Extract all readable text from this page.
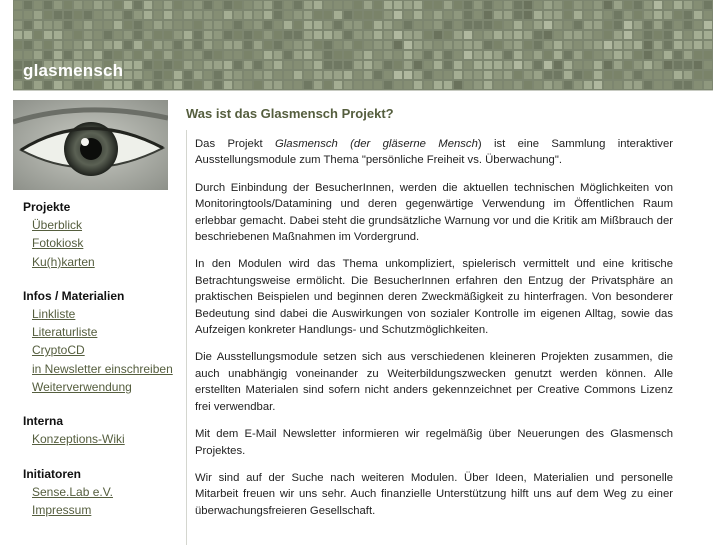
glasmensch
Projekte
Überblick
Fotokiosk
Ku(h)karten
Infos / Materialien
Linkliste
Literaturliste
CryptoCD
in Newsletter einschreiben
Weiterverwendung
Interna
Konzeptions-Wiki
Initiatoren
Sense.Lab e.V.
Impressum
Was ist das Glasmensch Projekt?

Das Projekt Glasmensch (der gläserne Mensch) ist eine Sammlung interaktiver Ausstellungsmodule zum Thema "persönliche Freiheit vs. Überwachung".

Durch Einbindung der BesucherInnen, werden die aktuellen technischen Möglichkeiten von Monitoringtools/Datamining und deren gegenwärtige Verwendung im Öffentlichen Raum erlebbar gemacht. Dabei steht die grundsätzliche Warnung vor und die Kritik am Mißbrauch der beschriebenen Maßnahmen im Vordergrund.

In den Modulen wird das Thema unkompliziert, spielerisch vermittelt und eine kritische Betrachtungsweise ermölicht. Die BesucherInnen erfahren den Entzug der Privatsphäre an praktischen Beispielen und beginnen deren Zweckmäßigkeit zu hinterfragen. Von besonderer Bedeutung sind dabei die Auswirkungen von sozialer Kontrolle im eigenen Alltag, sowie das Aufzeigen konkreter Handlungs- und Schutzmöglichkeiten.

Die Ausstellungsmodule setzen sich aus verschiedenen kleineren Projekten zusammen, die auch unabhängig voneinander zu Weiterbildungszwecken genutzt werden können. Alle erstellten Materialen sind sofern nicht anders gekennzeichnet per Creative Commons Lizenz frei verwendbar.

Mit dem E-Mail Newsletter informieren wir regelmäßig über Neuerungen des Glasmensch Projektes.

Wir sind auf der Suche nach weiteren Modulen. Über Ideen, Materialien und personelle Mitarbeit freuen wir uns sehr. Auch finanzielle Unterstützung hilft uns auf dem Weg zu einer überwachungsfreieren Gesellschaft.
